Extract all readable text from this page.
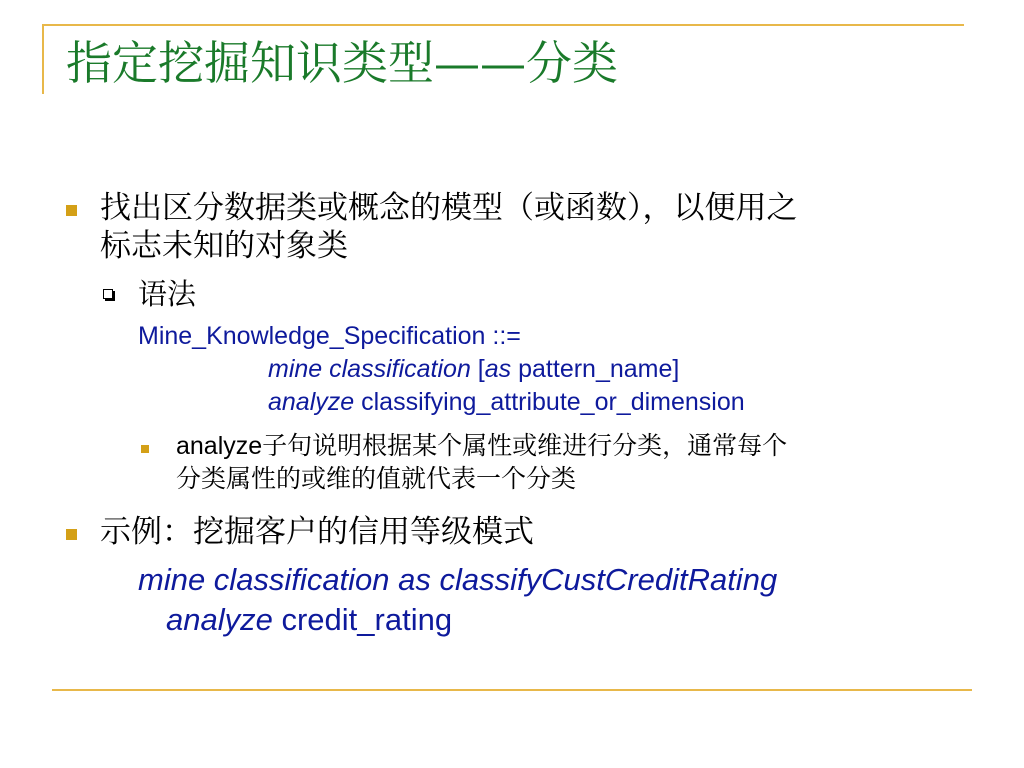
指定挖掘知识类型——分类
找出区分数据类或概念的模型（或函数），以便用之
标志未知的对象类
语法
Mine_Knowledge_Specification ::=
mine classification [as pattern_name]
analyze classifying_attribute_or_dimension
analyze子句说明根据某个属性或维进行分类，通常每个
分类属性的或维的值就代表一个分类
示例：挖掘客户的信用等级模式
mine classification as classifyCustCreditRating
analyze credit_rating
